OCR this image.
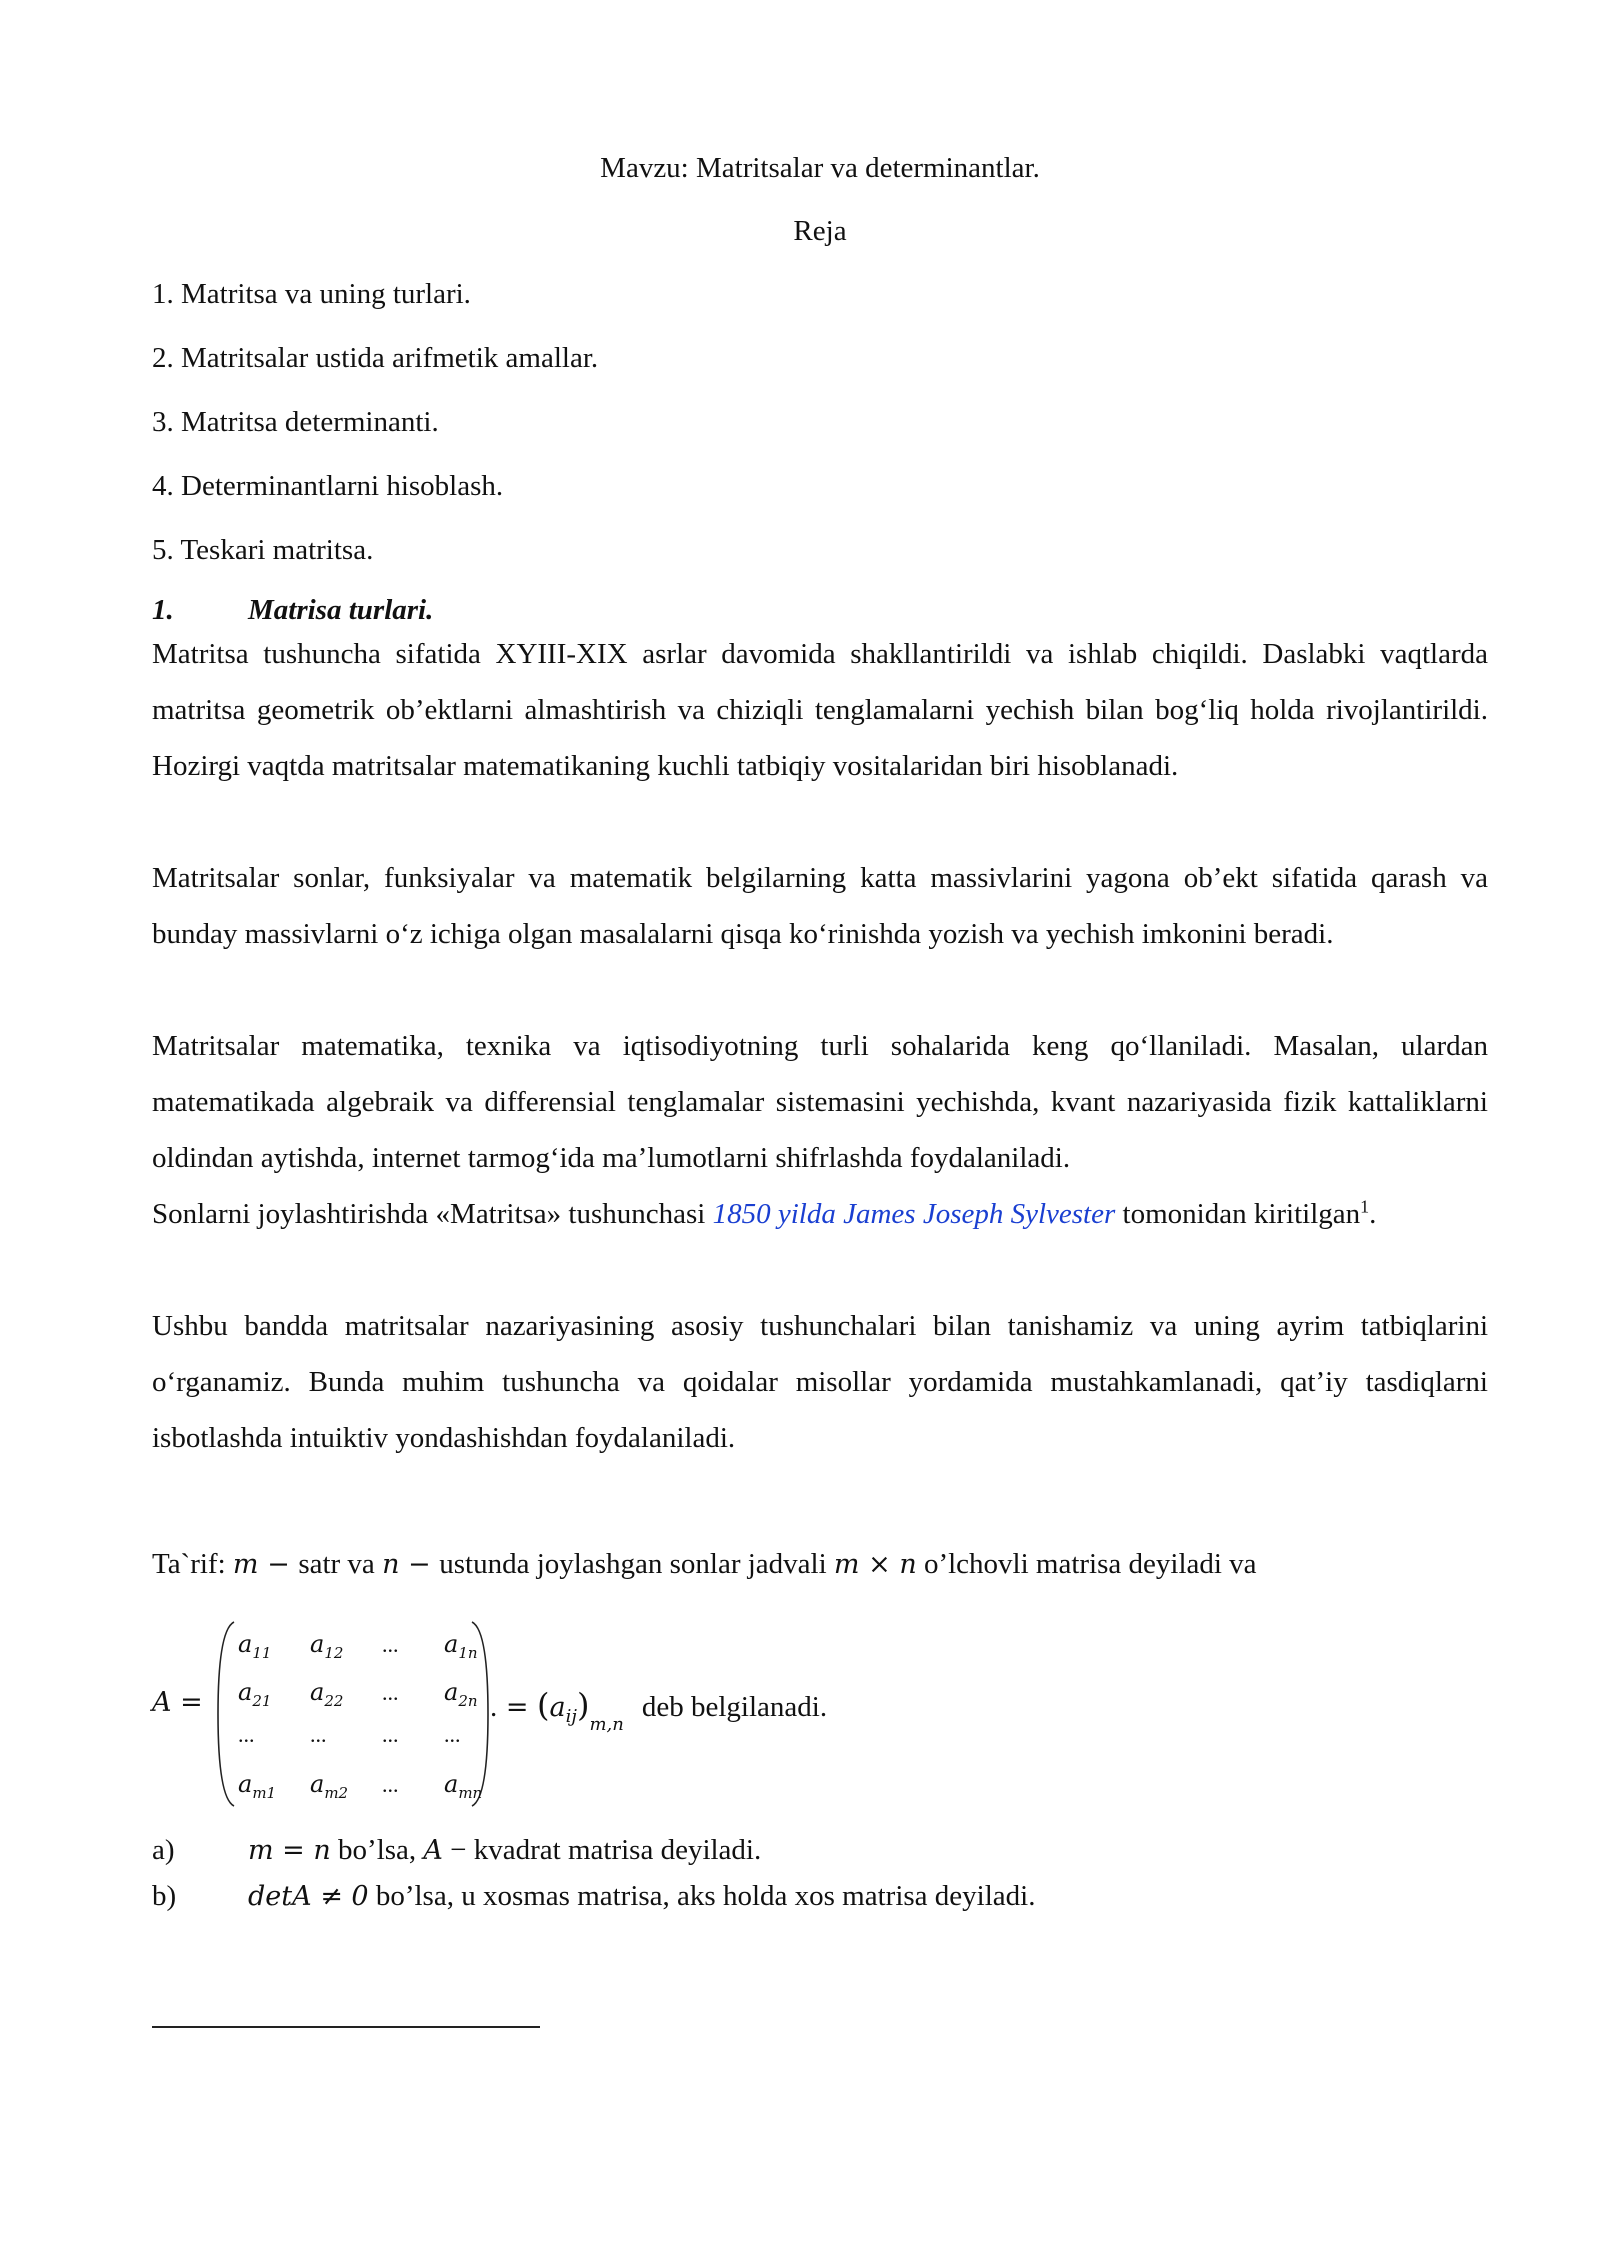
Mavzu: Matritsalar va determinantlar.
Reja
1. Matritsa va uning turlari.
2. Matritsalar ustida arifmetik amallar.
3. Matritsa determinanti.
4. Determinantlarni hisoblash.
5. Teskari matritsa.
1.	Matrisa turlari.

Matritsa tushuncha sifatida XYIII-XIX asrlar davomida shakllantirildi va ishlab chiqildi. Daslabki vaqtlarda matritsa geometrik ob’ektlarni almashtirish va chiziqli tenglamalarni yechish bilan bog‘liq holda rivojlantirildi. Hozirgi vaqtda matritsalar matematikaning kuchli tatbiqiy vositalaridan biri hisoblanadi.

Matritsalar sonlar, funksiyalar va matematik belgilarning katta massivlarini yagona ob’ekt sifatida qarash va bunday massivlarni o‘z ichiga olgan masalalarni qisqa ko‘rinishda yozish va yechish imkonini beradi.

Matritsalar matematika, texnika va iqtisodiyotning turli sohalarida keng qo‘llaniladi. Masalan, ulardan matematikada algebraik va differensial tenglamalar sistemasini yechishda, kvant nazariyasida fizik kattaliklarni oldindan aytishda, internet tarmog‘ida ma’lumotlarni shifrlashda foydalaniladi.

Sonlarni joylashtirishda «Matritsa» tushunchasi 1850 yilda James Joseph Sylvester tomonidan kiritilgan$^1$.

Ushbu bandda matritsalar nazariyasining asosiy tushunchalari bilan tanishamiz va uning ayrim tatbiqlarini o‘rganamiz. Bunda muhim tushuncha va qoidalar misollar yordamida mustahkamlanadi, qat’iy tasdiqlarni isbotlashda intuiktiv yondashishdan foydalaniladi.

Ta`rif: m − satr va n − ustunda joylashgan sonlar jadvali m × n o’lchovli matrisa deyiladi va
A =
$a_{11}$ $a_{12}$ ... $a_{1n}$
$a_{21}$ $a_{22}$ ... $a_{2n}$
...	...	... ...
$a_{m1}$ $a_{m2}$ ... $a_{mn}$
. = $(a_{ij})_{m,n}deb$ belgilanadi.
a)	m = n bo’lsa, A − kvadrat matrisa deyiladi.
b)	detA ≠ 0 bo’lsa, u xosmas matrisa, aks holda xos matrisa deyiladi.
